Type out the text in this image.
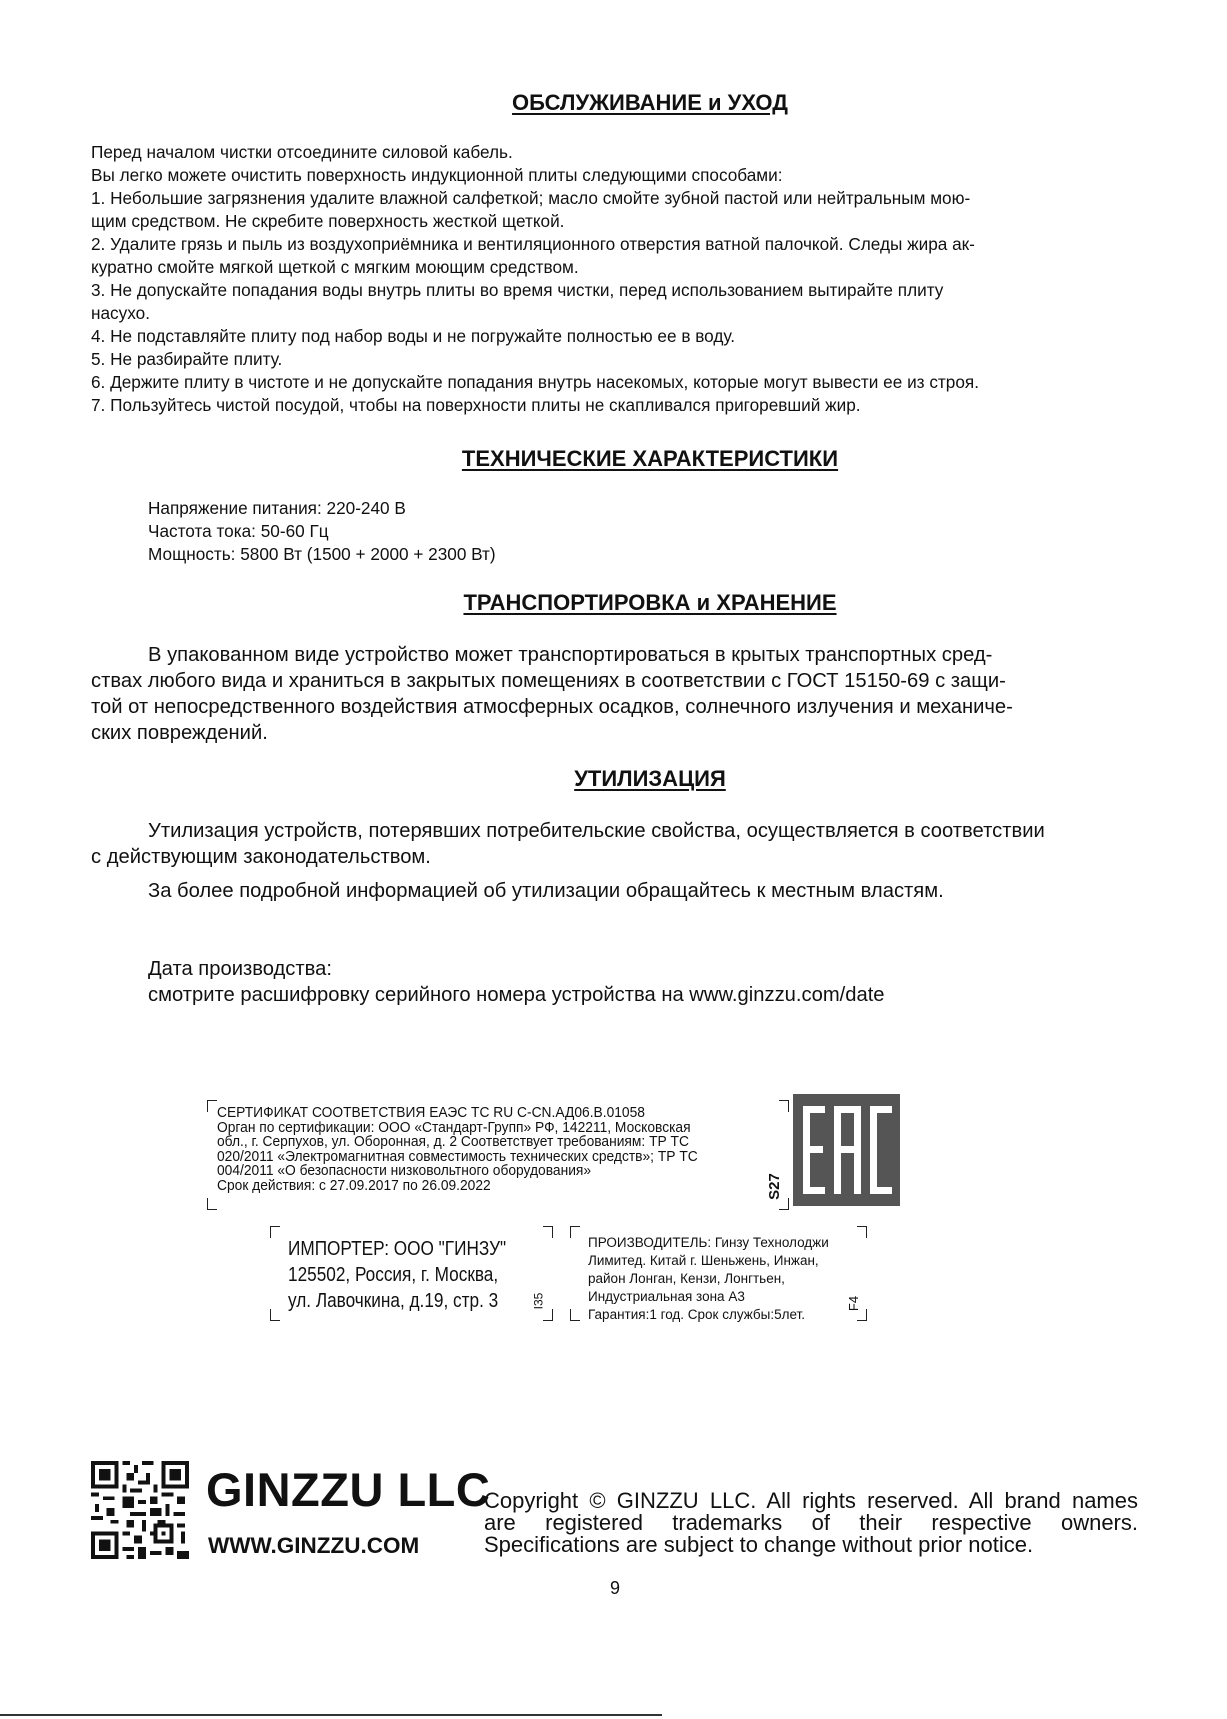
ОБСЛУЖИВАНИЕ и УХОД
Перед началом чистки отсоедините силовой кабель.
Вы легко можете очистить поверхность индукционной плиты следующими способами:
1. Небольшие загрязнения удалите влажной салфеткой; масло смойте зубной пастой или нейтральным мою-
щим средством. Не скребите поверхность жесткой щеткой.
2. Удалите грязь и пыль из воздухоприёмника и вентиляционного отверстия ватной палочкой. Следы жира ак-
куратно смойте мягкой щеткой с мягким моющим средством.
3. Не допускайте попадания воды внутрь плиты во время чистки, перед использованием вытирайте плиту
насухо.
4. Не подставляйте плиту под набор воды и не погружайте полностью ее в воду.
5. Не разбирайте плиту.
6. Держите плиту в чистоте и не допускайте попадания внутрь насекомых, которые могут вывести ее из строя.
7. Пользуйтесь чистой посудой, чтобы на поверхности плиты не скапливался пригоревший жир.
ТЕХНИЧЕСКИЕ ХАРАКТЕРИСТИКИ
Напряжение питания: 220-240 В
Частота тока: 50-60 Гц
Мощность: 5800 Вт (1500 + 2000 + 2300 Вт)
ТРАНСПОРТИРОВКА и ХРАНЕНИЕ
В упакованном виде устройство может транспортироваться в крытых транспортных сред-
ствах любого вида и храниться в закрытых помещениях в соответствии с ГОСТ 15150-69 с защи-
той от непосредственного воздействия атмосферных осадков, солнечного излучения и механиче-
ских повреждений.
УТИЛИЗАЦИЯ
Утилизация устройств, потерявших потребительские свойства, осуществляется в соответствии
с действующим законодательством.
За более подробной информацией об утилизации обращайтесь к местным властям.
Дата производства:
смотрите расшифровку серийного номера устройства на www.ginzzu.com/date
СЕРТИФИКАТ СООТВЕТСТВИЯ ЕАЭС ТС RU С-CN.АД06.В.01058
Орган по сертификации: ООО «Стандарт-Групп» РФ, 142211, Московская
обл., г. Серпухов, ул. Оборонная, д. 2 Соответствует требованиям: ТР ТС
020/2011 «Электромагнитная совместимость технических средств»; ТР ТС
004/2011 «О безопасности низковольтного оборудования»
Срок действия: с 27.09.2017 по 26.09.2022	S27
ИМПОРТЕР: ООО "ГИНЗУ"
125502, Россия, г. Москва,
ул. Лавочкина, д.19, стр. 3	I35
ПРОИЗВОДИТЕЛЬ: Гинзу Технолоджи
Лимитед. Китай г. Шеньжень, Инжан,
район Лонган, Кензи, Лонгтьен,
Индустриальная зона А3
Гарантия:1 год. Срок службы:5лет.
F4
GINZZU LLC
WWW.GINZZU.COM
Copyright © GINZZU LLC. All rights reserved. All brand names
are registered trademarks of their respective owners.
Specifications are subject to change without prior notice.
9
